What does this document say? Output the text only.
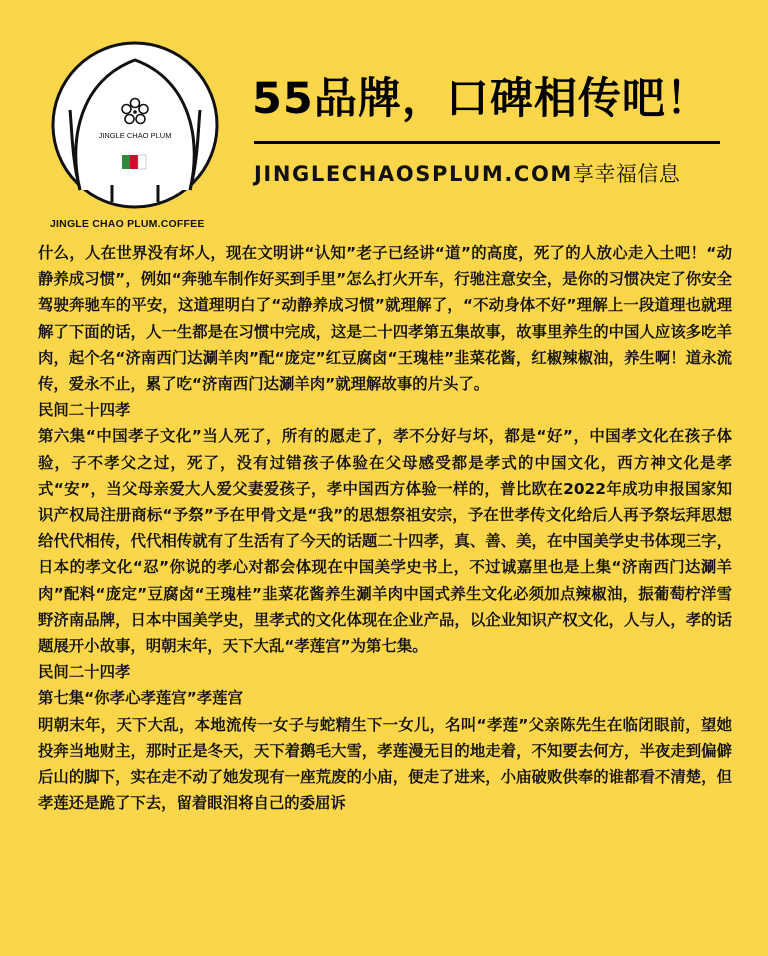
JINGLE CHAO PLUM
JINGLE CHAO PLUM.COFFEE
55品牌，口碑相传吧！
JINGLECHAOSPLUM.COM享幸福信息

什么，人在世界没有坏人，现在文明讲“认知”老子已经讲“道”的高度，死了的人放心走入土吧！“动静养成习惯”，例如“奔驰车制作好买到手里”怎么打火开车，行驰注意安全，是你的习惯决定了你安全驾驶奔驰车的平安，这道理明白了“动静养成习惯”就理解了，“不动身体不好”理解上一段道理也就理解了下面的话，人一生都是在习惯中完成，这是二十四孝第五集故事，故事里养生的中国人应该多吃羊肉，起个名“济南西门达涮羊肉”配“庞定”红豆腐卤“王瑰桂”韭菜花酱，红椒辣椒油，养生啊！道永流传，爱永不止，累了吃“济南西门达涮羊肉”就理解故事的片头了。

民间二十四孝

第六集“中国孝子文化”当人死了，所有的愿走了，孝不分好与坏，都是“好”，中国孝文化在孩子体验，子不孝父之过，死了，没有过错孩子体验在父母感受都是孝式的中国文化，西方神文化是孝式“安”，当父母亲爱大人爱父妻爱孩子，孝中国西方体验一样的，普比欧在2022年成功申报国家知识产权局注册商标“予祭”予在甲骨文是“我”的思想祭祖安宗，予在世孝传文化给后人再予祭坛拜思想给代代相传，代代相传就有了生活有了今天的话题二十四孝，真、善、美，在中国美学史书体现三字，日本的孝文化“忍”你说的孝心对都会体现在中国美学史书上，不过诚嘉里也是上集“济南西门达涮羊肉”配料“庞定”豆腐卤“王瑰桂”韭菜花酱养生涮羊肉中国式养生文化必须加点辣椒油，振葡萄柠洋雪野济南品牌，日本中国美学史，里孝式的文化体现在企业产品，以企业知识产权文化，人与人，孝的话题展开小故事，明朝末年，天下大乱“孝莲宫”为第七集。

民间二十四孝

第七集“你孝心孝莲宫”孝莲宫

明朝末年，天下大乱，本地流传一女子与蛇精生下一女儿，名叫“孝莲”父亲陈先生在临闭眼前，望她投奔当地财主，那时正是冬天，天下着鹅毛大雪，孝莲漫无目的地走着，不知要去何方，半夜走到偏僻后山的脚下，实在走不动了她发现有一座荒废的小庙，便走了进来，小庙破败供奉的谁都看不清楚，但孝莲还是跪了下去，留着眼泪将自己的委屈诉
